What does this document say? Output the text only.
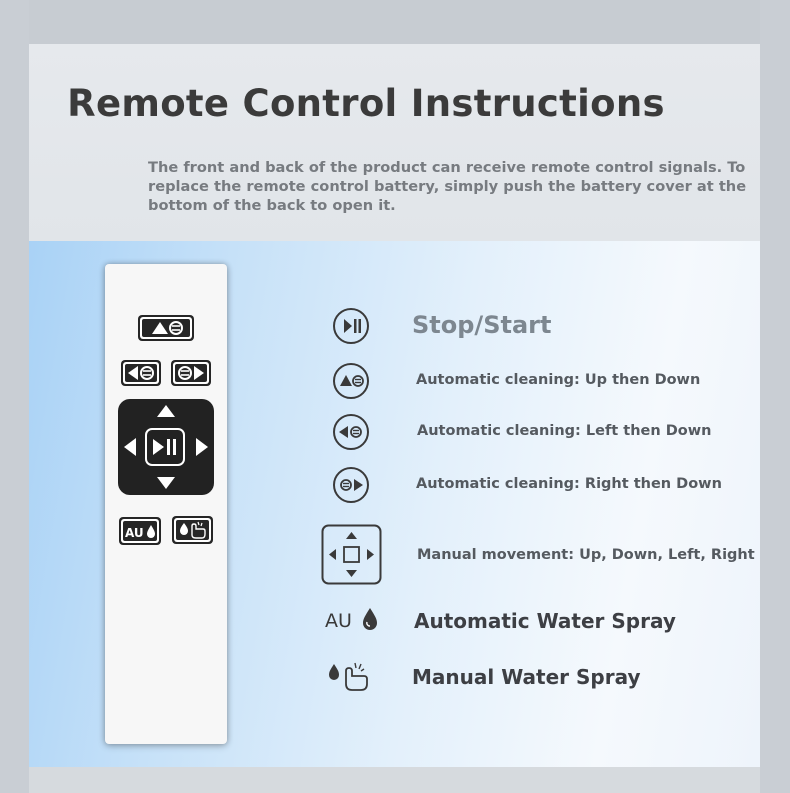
The front and back of the product can receive remote control signals. To replace the remote control battery, simply push the battery cover at the bottom of the back to open it.
Remote Control Instructions
AU
Stop/Start
Automatic cleaning: Up then Down
Automatic cleaning: Left then Down
Automatic cleaning: Right then Down
Manual movement: Up, Down, Left, Right
AU	Automatic Water Spray
Manual Water Spray
